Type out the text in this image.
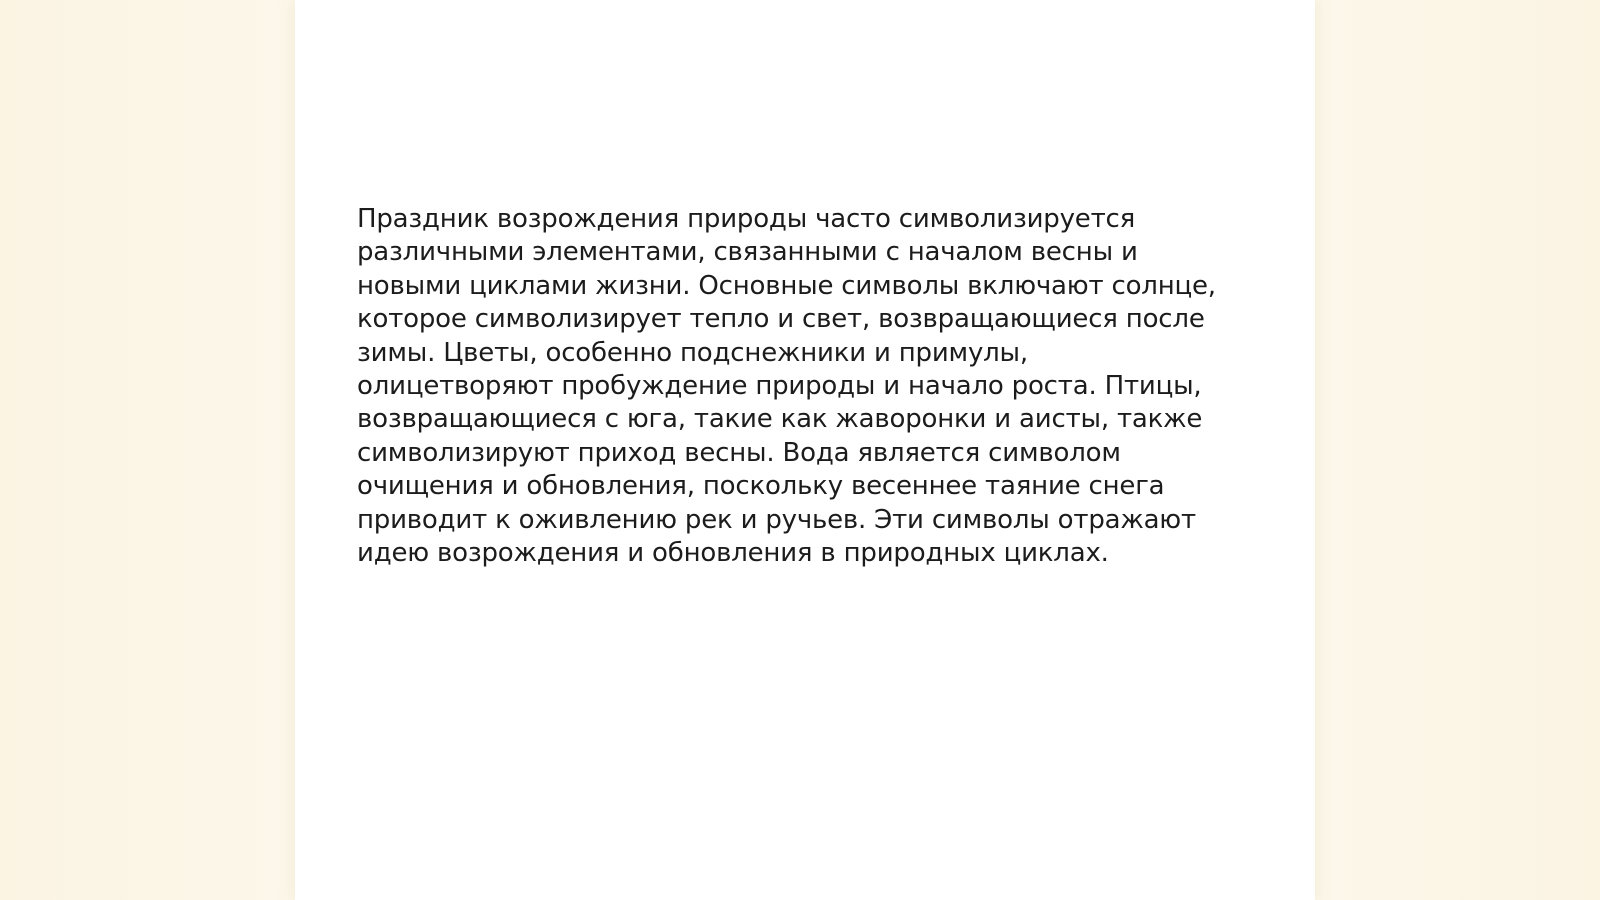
Праздник возрождения природы часто символизируется
различными элементами, связанными с началом весны и
новыми циклами жизни. Основные символы включают солнце,
которое символизирует тепло и свет, возвращающиеся после
зимы. Цветы, особенно подснежники и примулы,
олицетворяют пробуждение природы и начало роста. Птицы,
возвращающиеся с юга, такие как жаворонки и аисты, также
символизируют приход весны. Вода является символом
очищения и обновления, поскольку весеннее таяние снега
приводит к оживлению рек и ручьев. Эти символы отражают
идею возрождения и обновления в природных циклах.
